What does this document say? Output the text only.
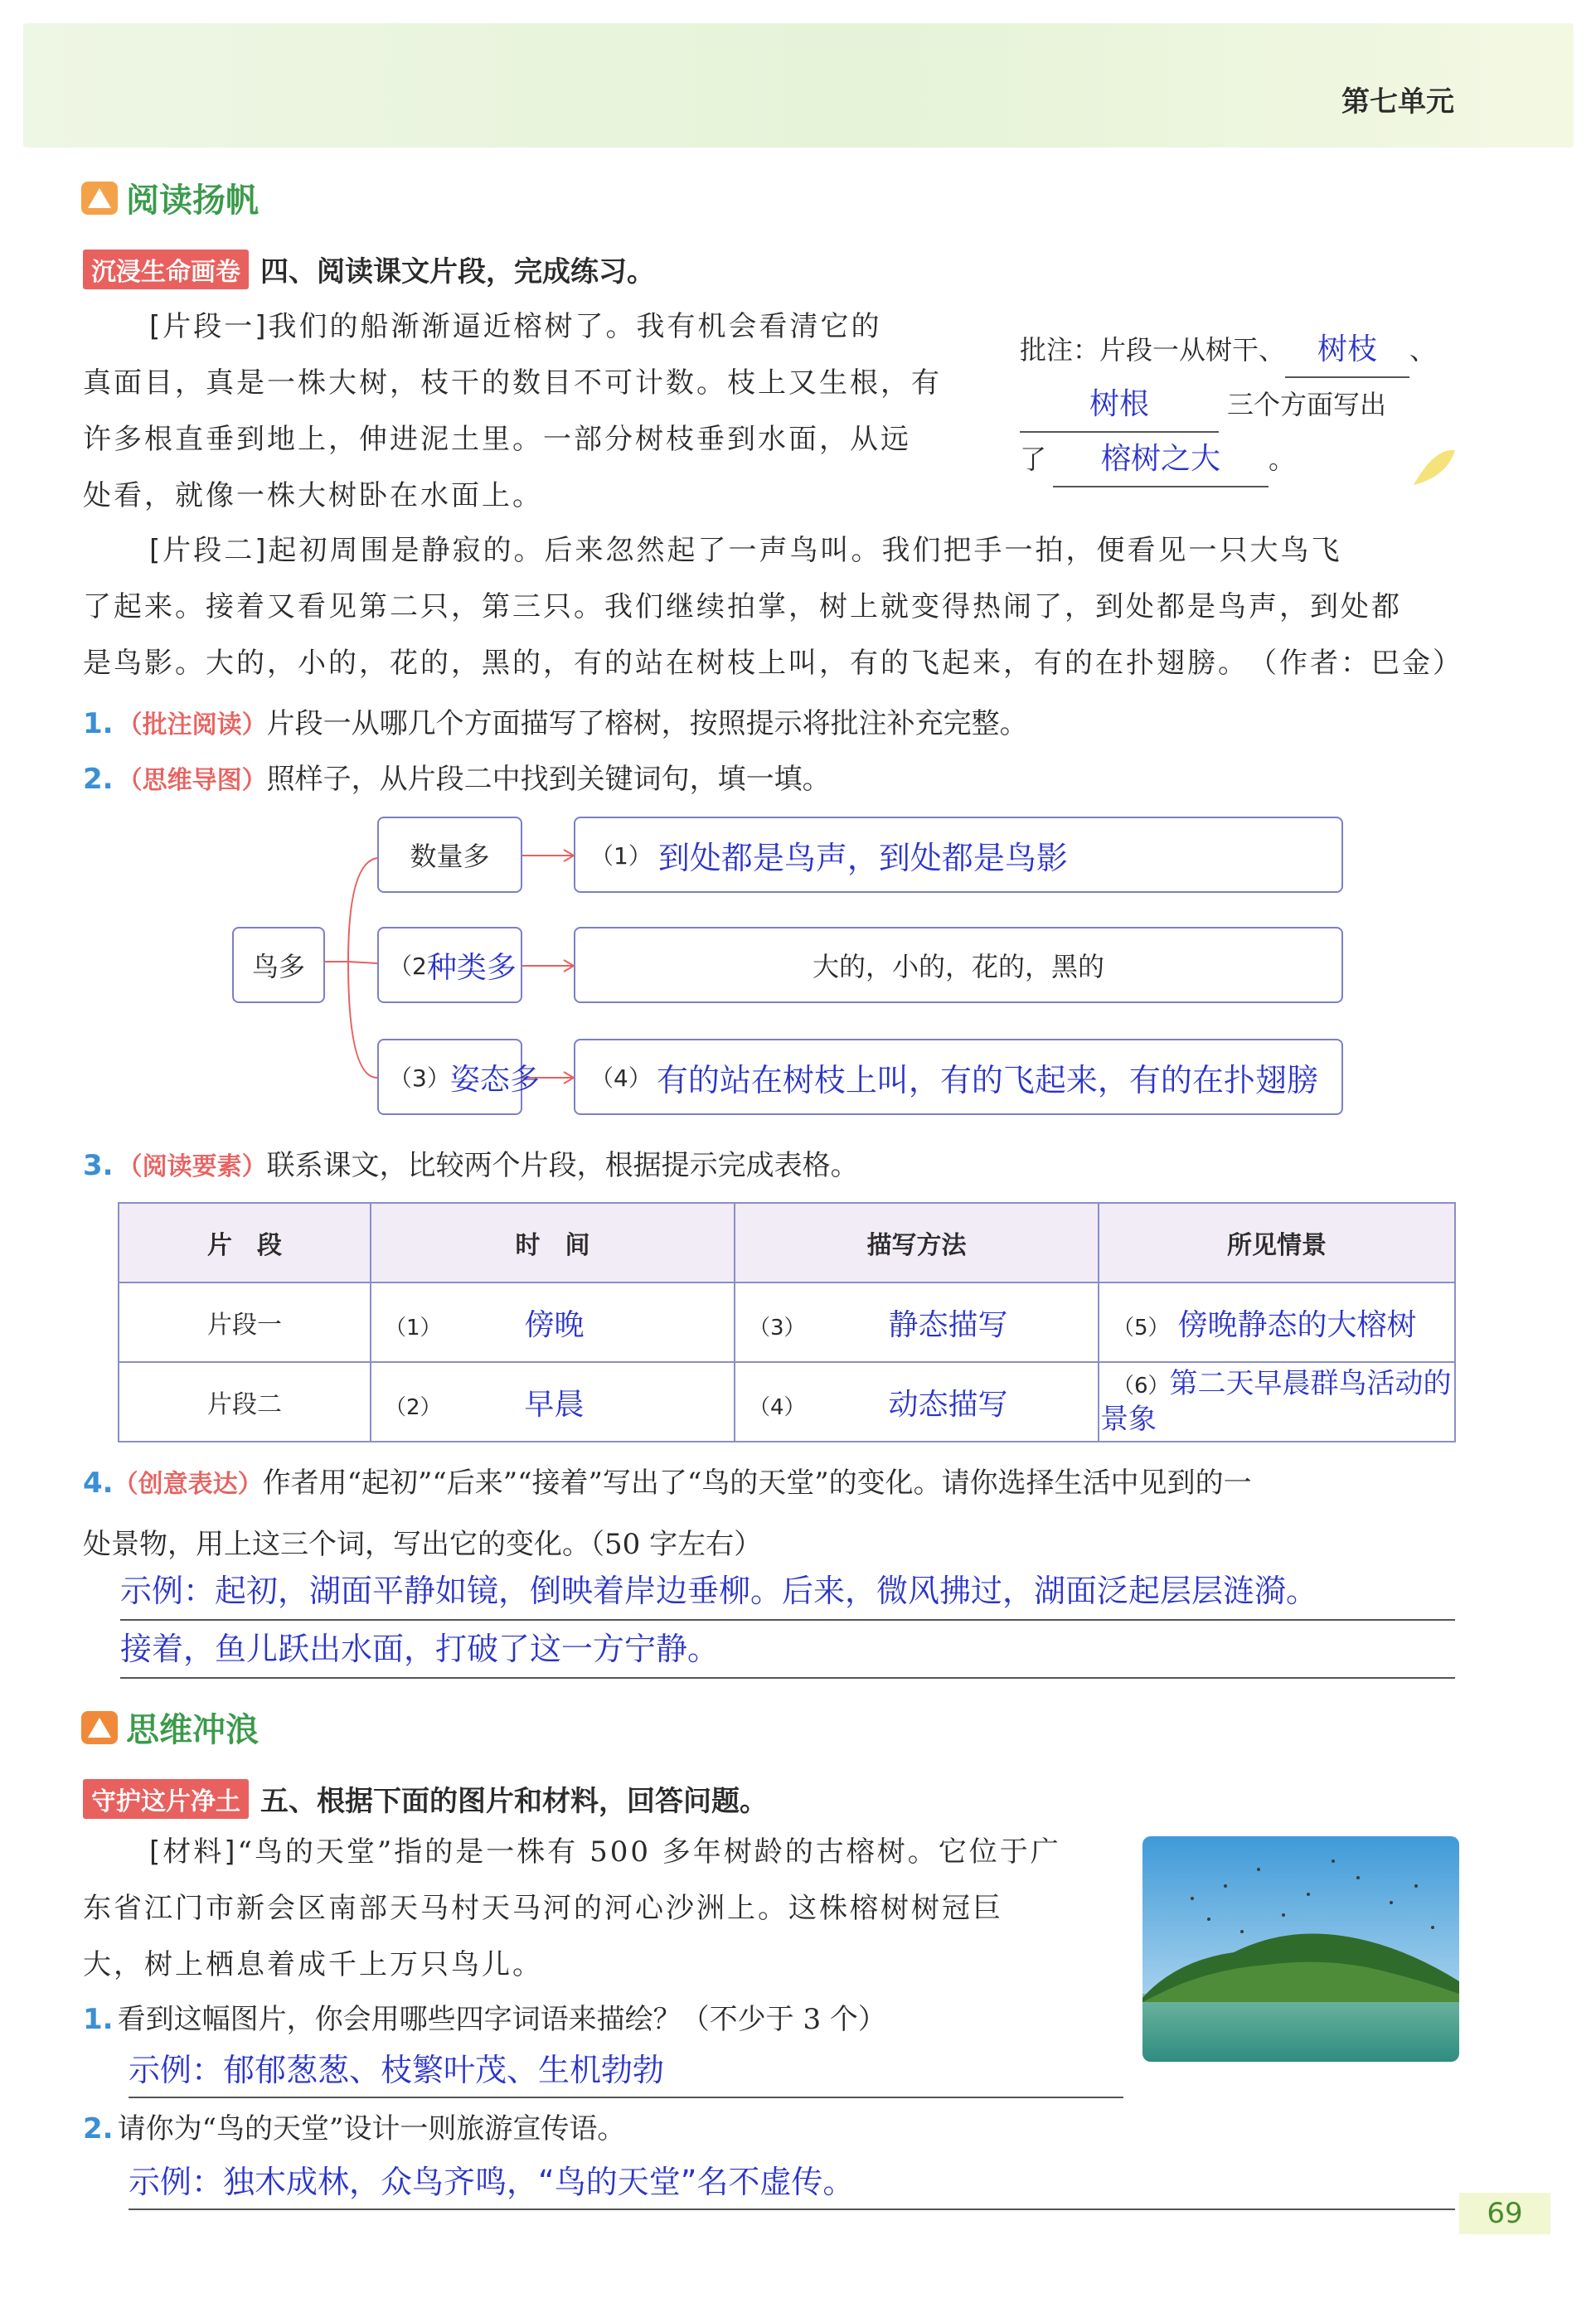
第七单元
阅读扬帆
沉浸生命画卷 四、阅读课文片段，完成练习。
[片段一]我们的船渐渐逼近榕树了。我有机会看清它的
真面目，真是一株大树，枝干的数目不可计数。枝上又生根，有
许多根直垂到地上，伸进泥土里。一部分树枝垂到水面，从远
处看，就像一株大树卧在水面上。
批注：片段一从树干、 树枝 、
树根	三个方面写出
了 榕树之大 。
[片段二]起初周围是静寂的。后来忽然起了一声鸟叫。我们把手一拍，便看见一只大鸟飞
了起来。接着又看见第二只，第三只。我们继续拍掌，树上就变得热闹了，到处都是鸟声，到处都
是鸟影。大的，小的，花的，黑的，有的站在树枝上叫，有的飞起来，有的在扑翅膀。 （作者：巴金）
1. （批注阅读）片段一从哪几个方面描写了榕树，按照提示将批注补充完整。
2. （思维导图）照样子，从片段二中找到关键词句，填一填。
鸟多
数量多
（2 种类多
（3） 姿态多
（1） 到处都是鸟声，到处都是鸟影
大的，小的，花的，黑的
（4） 有的站在树枝上叫，有的飞起来，有的在扑翅膀
3. （阅读要素）联系课文，比较两个片段，根据提示完成表格。
片　段	时　间	描写方法	所见情景
片段一	（1） 傍晚	（3） 静态描写	（5） 傍晚静态的大榕树
片段二	（2） 早晨	（4） 动态描写	（6）第二天早晨群鸟活动的景象
4.（创意表达）作者用“起初”“后来”“接着”写出了“鸟的天堂”的变化。请你选择生活中见到的一
处景物，用上这三个词，写出它的变化。（50 字左右）
示例：起初，湖面平静如镜，倒映着岸边垂柳。后来，微风拂过，湖面泛起层层涟漪。
接着，鱼儿跃出水面，打破了这一方宁静。
思维冲浪
守护这片净土 五、根据下面的图片和材料，回答问题。
[材料]“鸟的天堂”指的是一株有 500 多年树龄的古榕树。它位于广
东省江门市新会区南部天马村天马河的河心沙洲上。这株榕树树冠巨
大，树上栖息着成千上万只鸟儿。
1. 看到这幅图片，你会用哪些四字词语来描绘？（不少于 3 个）
示例：郁郁葱葱、枝繁叶茂、生机勃勃
2. 请你为“鸟的天堂”设计一则旅游宣传语。
示例：独木成林，众鸟齐鸣，“鸟的天堂”名不虚传。
69
